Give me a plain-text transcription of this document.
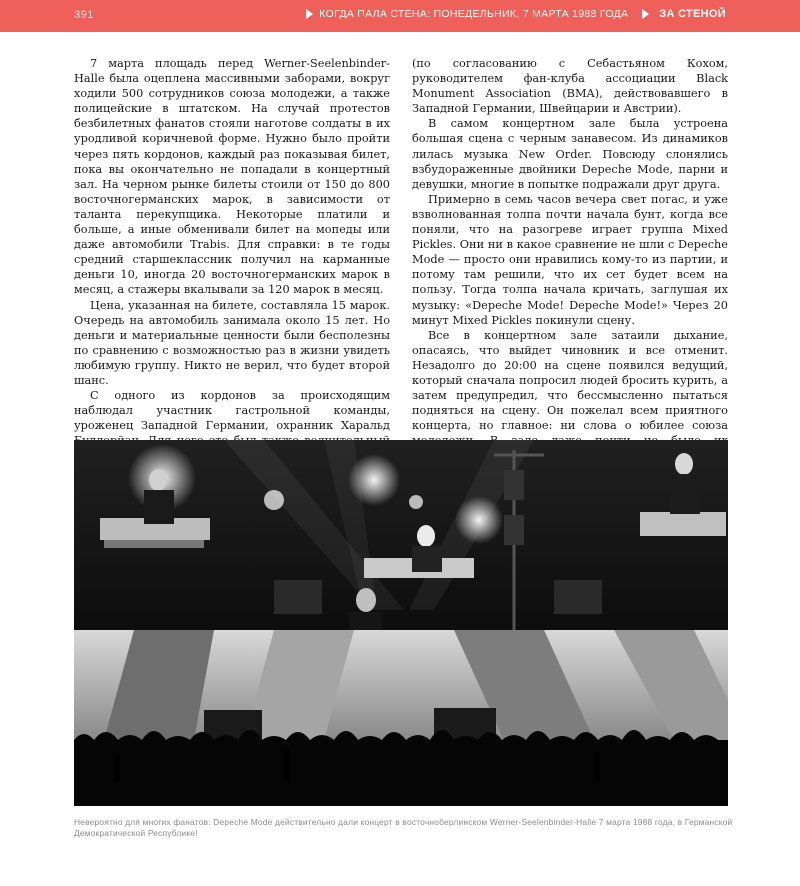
391	КОГДА ПАЛА СТЕНА: ПОНЕДЕЛЬНИК, 7 МАРТА 1988 ГОДА	ЗА СТЕНОЙ

7 марта площадь перед Werner-Seelenbinder-Halle была оцеплена массивными заборами, вокруг ходили 500 сотрудников союза молодежи, а также полицейские в штатском. На случай протестов безбилетных фанатов стояли наготове солдаты в их уродливой коричневой форме. Нужно было пройти через пять кордонов, каждый раз показывая билет, пока вы окончательно не попадали в концертный зал. На черном рынке билеты стоили от 150 до 800 восточногерманских марок, в зависимости от таланта перекупщика. Некоторые платили и больше, а иные обменивали билет на мопеды или даже автомобили Trabis. Для справки: в те годы средний старшеклассник получил на карманные деньги 10, иногда 20 восточногерманских марок в месяц, а стажеры вкалывали за 120 марок в месяц.

Цена, указанная на билете, составляла 15 марок. Очередь на автомобиль занимала около 15 лет. Но деньги и материальные ценности были бесполезны по сравнению с возможностью раз в жизни увидеть любимую группу. Никто не верил, что будет второй шанс.

С одного из кордонов за происходящим наблюдал участник гастрольной команды, уроженец Западной Германии, охранник Харальд

(по согласованию с Себастьяном Кохом, руководителем фан-клуба ассоциации Black Monument Association (BMA), действовавшего в Западной Германии, Швейцарии и Австрии).

В самом концертном зале была устроена большая сцена с черным занавесом. Из динамиков лилась музыка New Order. Повсюду слонялись взбудораженные двойники Depeche Mode, парни и девушки, многие в попытке подражали друг друга.

Примерно в семь часов вечера свет погас, и уже взволнованная толпа почти начала бунт, когда все поняли, что на разогреве играет группа Mixed Pickles. Они ни в какое сравнение не шли с Depeche Mode — просто они нравились кому-то из партии, и потому там решили, что их сет будет всем на пользу. Тогда толпа начала кричать, заглушая их музыку: «Depeche Mode! Depeche Mode!» Через 20 минут Mixed Pickles покинули сцену.

Все в концертном зале затаили дыхание, опасаясь, что выйдет чиновник и все отменит. Незадолго до 20:00 на сцене появился ведущий, который сначала попросил людей бросить курить, а затем предупредил, что бессмысленно пытаться подняться на сцену. Он пожелал всем приятного концерта, но главное: ни слова о юбилее союза

Невероятно для многих фанатов: Depeche Mode действительно дали концерт в восточноберлинском Werner-Seelenbinder-Halle 7 марта 1988 года, в Германской Демократической Республике!
